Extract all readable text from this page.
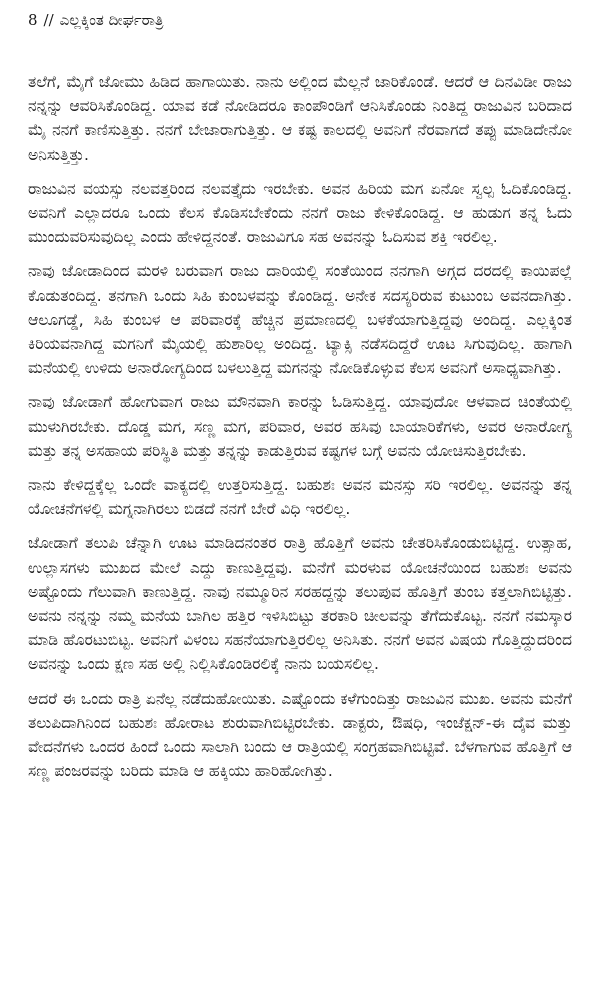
8 // ಎಲ್ಲಕ್ಕಿಂತ ದೀರ್ಘರಾತ್ರಿ

ತಲೆಗೆ, ಮೈಗೆ ಜೋಮು ಹಿಡಿದ ಹಾಗಾಯಿತು. ನಾನು ಅಲ್ಲಿಂದ ಮೆಲ್ಲನೆ ಜಾರಿಕೊಂಡೆ. ಆದರೆ ಆ ದಿನವಿಡೀ ರಾಜು ನನ್ನನ್ನು ಆವರಿಸಿಕೊಂಡಿದ್ದ. ಯಾವ ಕಡೆ ನೋಡಿದರೂ ಕಾಂಪೌಂಡಿಗೆ ಆನಿಸಿಕೊಂಡು ನಿಂತಿದ್ದ ರಾಜುವಿನ ಬರಿದಾದ ಮೈ ನನಗೆ ಕಾಣಿಸುತ್ತಿತ್ತು. ನನಗೆ ಬೇಜಾರಾಗುತ್ತಿತ್ತು. ಆ ಕಷ್ಟ ಕಾಲದಲ್ಲಿ ಅವನಿಗೆ ನೆರವಾಗದೆ ತಪ್ಪು ಮಾಡಿದೇನೋ ಅನಿಸುತ್ತಿತ್ತು.

ರಾಜುವಿನ ವಯಸ್ಸು ನಲವತ್ತರಿಂದ ನಲವತ್ತೈದು ಇರಬೇಕು. ಅವನ ಹಿರಿಯ ಮಗ ಏನೋ ಸ್ವಲ್ಪ ಓದಿಕೊಂಡಿದ್ದ. ಅವನಿಗೆ ಎಲ್ಲಾದರೂ ಒಂದು ಕೆಲಸ ಕೊಡಿಸಬೇಕೆಂದು ನನಗೆ ರಾಜು ಕೇಳಿಕೊಂಡಿದ್ದ. ಆ ಹುಡುಗ ತನ್ನ ಓದು ಮುಂದುವರಿಸುವುದಿಲ್ಲ ಎಂದು ಹೇಳಿದ್ದನಂತೆ. ರಾಜುವಿಗೂ ಸಹ ಅವನನ್ನು ಓದಿಸುವ ಶಕ್ತಿ ಇರಲಿಲ್ಲ.

ನಾವು ಜೋಡಾದಿಂದ ಮರಳಿ ಬರುವಾಗ ರಾಜು ದಾರಿಯಲ್ಲಿ ಸಂತೆಯಿಂದ ನನಗಾಗಿ ಅಗ್ಗದ ದರದಲ್ಲಿ ಕಾಯಿಪಲ್ಲೆ ಕೊಡುತಂದಿದ್ದ. ತನಗಾಗಿ ಒಂದು ಸಿಹಿ ಕುಂಬಳವನ್ನು ಕೊಂಡಿದ್ದ. ಅನೇಕ ಸದಸ್ಯರಿರುವ ಕುಟುಂಬ ಅವನದಾಗಿತ್ತು. ಆಲೂಗಡ್ಡೆ, ಸಿಹಿ ಕುಂಬಳ ಆ ಪರಿವಾರಕ್ಕೆ ಹೆಚ್ಚಿನ ಪ್ರಮಾಣದಲ್ಲಿ ಬಳಕೆಯಾಗುತ್ತಿದ್ದವು ಅಂದಿದ್ದ. ಎಲ್ಲಕ್ಕಿಂತ ಕಿರಿಯವನಾಗಿದ್ದ ಮಗನಿಗೆ ಮೈಯಲ್ಲಿ ಹುಶಾರಿಲ್ಲ ಅಂದಿದ್ದ. ಟ್ಯಾಕ್ಸಿ ನಡೆಸದಿದ್ದರೆ ಊಟ ಸಿಗುವುದಿಲ್ಲ. ಹಾಗಾಗಿ ಮನೆಯಲ್ಲಿ ಉಳಿದು ಅನಾರೋಗ್ಯದಿಂದ ಬಳಲುತ್ತಿದ್ದ ಮಗನನ್ನು ನೋಡಿಕೊಳ್ಳುವ ಕೆಲಸ ಅವನಿಗೆ ಅಸಾಧ್ಯವಾಗಿತ್ತು.

ನಾವು ಜೋಡಾಗೆ ಹೋಗುವಾಗ ರಾಜು ಮೌನವಾಗಿ ಕಾರನ್ನು ಓಡಿಸುತ್ತಿದ್ದ. ಯಾವುದೋ ಆಳವಾದ ಚಿಂತೆಯಲ್ಲಿ ಮುಳುಗಿರಬೇಕು. ದೊಡ್ಡ ಮಗ, ಸಣ್ಣ ಮಗ, ಪರಿವಾರ, ಅವರ ಹಸಿವು ಬಾಯಾರಿಕೆಗಳು, ಅವರ ಅನಾರೋಗ್ಯ ಮತ್ತು ತನ್ನ ಅಸಹಾಯ ಪರಿಸ್ಥಿತಿ ಮತ್ತು ತನ್ನನ್ನು ಕಾಡುತ್ತಿರುವ ಕಷ್ಟಗಳ ಬಗ್ಗೆ ಅವನು ಯೋಚಿಸುತ್ತಿರಬೇಕು.

ನಾನು ಕೇಳಿದ್ದಕ್ಕೆಲ್ಲ ಒಂದೇ ವಾಕ್ಯದಲ್ಲಿ ಉತ್ತರಿಸುತ್ತಿದ್ದ. ಬಹುಶಃ ಅವನ ಮನಸ್ಸು ಸರಿ ಇರಲಿಲ್ಲ. ಅವನನ್ನು ತನ್ನ ಯೋಚನೆಗಳಲ್ಲಿ ಮಗ್ನನಾಗಿರಲು ಬಿಡದೆ ನನಗೆ ಬೇರೆ ವಿಧಿ ಇರಲಿಲ್ಲ.

ಜೋಡಾಗೆ ತಲುಪಿ ಚೆನ್ನಾಗಿ ಊಟ ಮಾಡಿದನಂತರ ರಾತ್ರಿ ಹೊತ್ತಿಗೆ ಅವನು ಚೇತರಿಸಿಕೊಂಡುಬಿಟ್ಟಿದ್ದ. ಉತ್ಸಾಹ, ಉಲ್ಲಾಸಗಳು ಮುಖದ ಮೇಲೆ ಎದ್ದು ಕಾಣುತ್ತಿದ್ದವು. ಮನೆಗೆ ಮರಳುವ ಯೋಚನೆಯಿಂದ ಬಹುಶಃ ಅವನು ಅಷ್ಟೊಂದು ಗೆಲುವಾಗಿ ಕಾಣುತ್ತಿದ್ದ. ನಾವು ನಮ್ಮೂರಿನ ಸರಹದ್ದನ್ನು ತಲುಪುವ ಹೊತ್ತಿಗೆ ತುಂಬ ಕತ್ತಲಾಗಿಬಿಟ್ಟಿತ್ತು. ಅವನು ನನ್ನನ್ನು ನಮ್ಮ ಮನೆಯ ಬಾಗಿಲ ಹತ್ತಿರ ಇಳಿಸಿಬಿಟ್ಟು ತರಕಾರಿ ಚೀಲವನ್ನು ತೆಗೆದುಕೊಟ್ಟ. ನನಗೆ ನಮಸ್ಕಾರ ಮಾಡಿ ಹೊರಟುಬಿಟ್ಟ. ಅವನಿಗೆ ವಿಳಂಬ ಸಹನೆಯಾಗುತ್ತಿರಲಿಲ್ಲ ಅನಿಸಿತು. ನನಗೆ ಅವನ ವಿಷಯ ಗೊತ್ತಿದ್ದುದರಿಂದ ಅವನನ್ನು ಒಂದು ಕ್ಷಣ ಸಹ ಅಲ್ಲಿ ನಿಲ್ಲಿಸಿಕೊಂಡಿರಲಿಕ್ಕೆ ನಾನು ಬಯಸಲಿಲ್ಲ.

ಆದರೆ ಈ ಒಂದು ರಾತ್ರಿ ಏನೆಲ್ಲ ನಡೆದುಹೋಯಿತು. ಎಷ್ಟೊಂದು ಕಳೆಗುಂದಿತ್ತು ರಾಜುವಿನ ಮುಖ. ಅವನು ಮನೆಗೆ ತಲುಪಿದಾಗಿನಿಂದ ಬಹುಶಃ ಹೋರಾಟ ಶುರುವಾಗಿಬಿಟ್ಟಿರಬೇಕು. ಡಾಕ್ಟರು, ಔಷಧಿ, ಇಂಜೆಕ್ಷನ್-ಈ ದೈವ ಮತ್ತು ವೇದನೆಗಳು ಒಂದರ ಹಿಂದೆ ಒಂದು ಸಾಲಾಗಿ ಬಂದು ಆ ರಾತ್ರಿಯಲ್ಲಿ ಸಂಗ್ರಹವಾಗಿಬಿಟ್ಟಿವೆ. ಬೆಳಗಾಗುವ ಹೊತ್ತಿಗೆ ಆ ಸಣ್ಣ ಪಂಜರವನ್ನು ಬರಿದು ಮಾಡಿ ಆ ಹಕ್ಕಿಯು ಹಾರಿಹೋಗಿತ್ತು.
